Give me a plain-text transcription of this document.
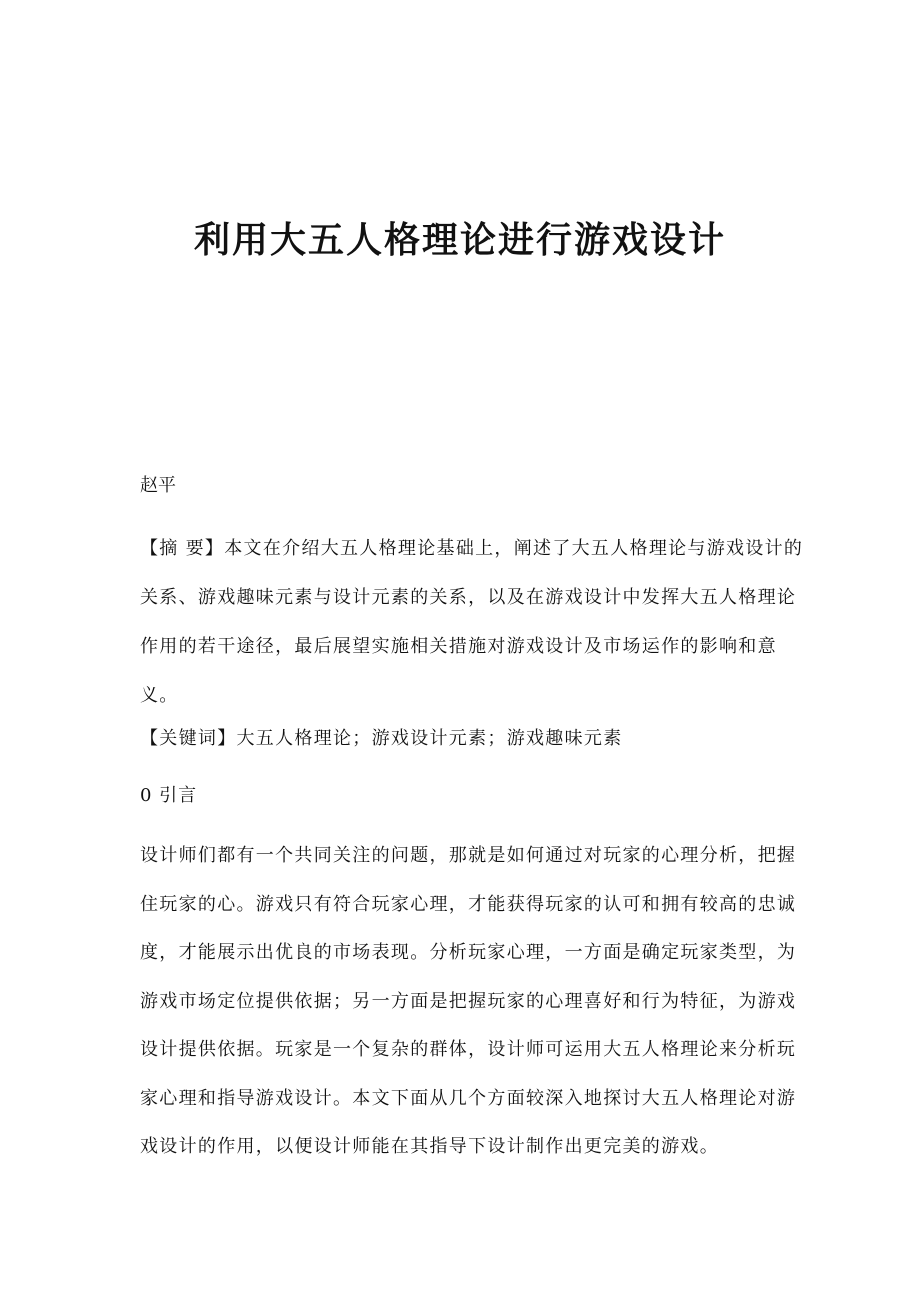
利用大五人格理论进行游戏设计
赵平
【摘 要】本文在介绍大五人格理论基础上，阐述了大五人格理论与游戏设计的
关系、游戏趣味元素与设计元素的关系，以及在游戏设计中发挥大五人格理论
作用的若干途径，最后展望实施相关措施对游戏设计及市场运作的影响和意
义。
【关键词】大五人格理论；游戏设计元素；游戏趣味元素
0 引言
设计师们都有一个共同关注的问题，那就是如何通过对玩家的心理分析，把握
住玩家的心。游戏只有符合玩家心理，才能获得玩家的认可和拥有较高的忠诚
度，才能展示出优良的市场表现。分析玩家心理，一方面是确定玩家类型，为
游戏市场定位提供依据；另一方面是把握玩家的心理喜好和行为特征，为游戏
设计提供依据。玩家是一个复杂的群体，设计师可运用大五人格理论来分析玩
家心理和指导游戏设计。本文下面从几个方面较深入地探讨大五人格理论对游
戏设计的作用，以便设计师能在其指导下设计制作出更完美的游戏。
